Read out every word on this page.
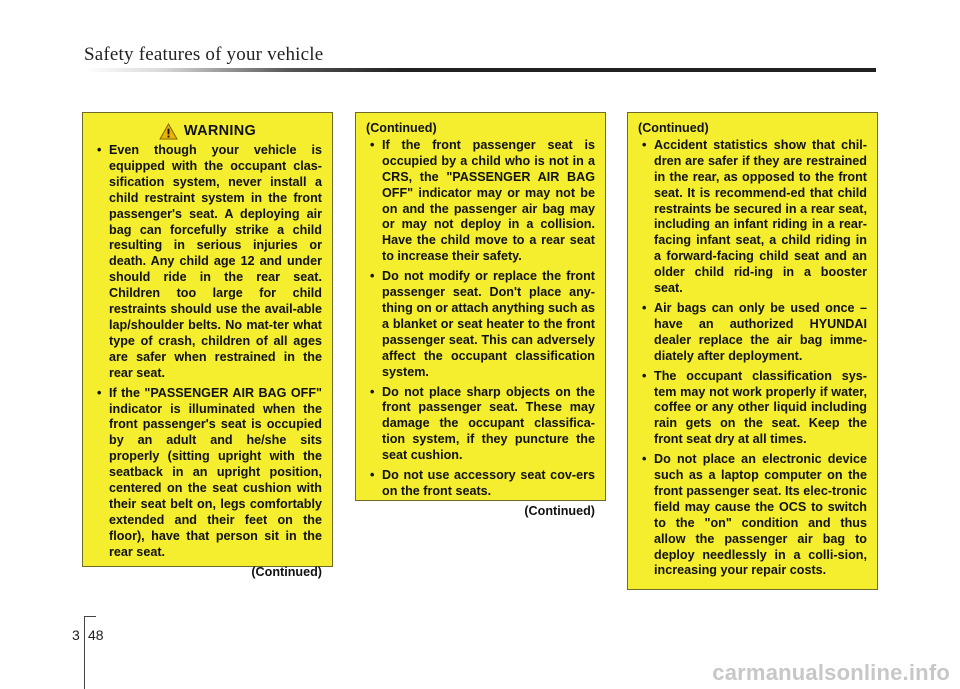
Safety features of your vehicle
WARNING
• Even though your vehicle is equipped with the occupant clas-sification system, never install a child restraint system in the front passenger's seat. A deploying air bag can forcefully strike a child resulting in serious injuries or death. Any child age 12 and under should ride in the rear seat. Children too large for child restraints should use the avail-able lap/shoulder belts. No mat-ter what type of crash, children of all ages are safer when restrained in the rear seat.
• If the "PASSENGER AIR BAG OFF" indicator is illuminated when the front passenger's seat is occupied by an adult and he/she sits properly (sitting upright with the seatback in an upright position, centered on the seat cushion with their seat belt on, legs comfortably extended and their feet on the floor), have that person sit in the rear seat.
(Continued)
(Continued)
• If the front passenger seat is occupied by a child who is not in a CRS, the "PASSENGER AIR BAG OFF" indicator may or may not be on and the passenger air bag may or may not deploy in a collision. Have the child move to a rear seat to increase their safety.
• Do not modify or replace the front passenger seat. Don't place any-thing on or attach anything such as a blanket or seat heater to the front passenger seat. This can adversely affect the occupant classification system.
• Do not place sharp objects on the front passenger seat. These may damage the occupant classifica-tion system, if they puncture the seat cushion.
• Do not use accessory seat cov-ers on the front seats.
(Continued)
(Continued)
• Accident statistics show that chil-dren are safer if they are restrained in the rear, as opposed to the front seat. It is recommend-ed that child restraints be secured in a rear seat, including an infant riding in a rear-facing infant seat, a child riding in a forward-facing child seat and an older child rid-ing in a booster seat.
• Air bags can only be used once – have an authorized HYUNDAI dealer replace the air bag imme-diately after deployment.
• The occupant classification sys-tem may not work properly if water, coffee or any other liquid including rain gets on the seat. Keep the front seat dry at all times.
• Do not place an electronic device such as a laptop computer on the front passenger seat. Its elec-tronic field may cause the OCS to switch to the "on" condition and thus allow the passenger air bag to deploy needlessly in a colli-sion, increasing your repair costs.
3 48
carmanualsonline.info
